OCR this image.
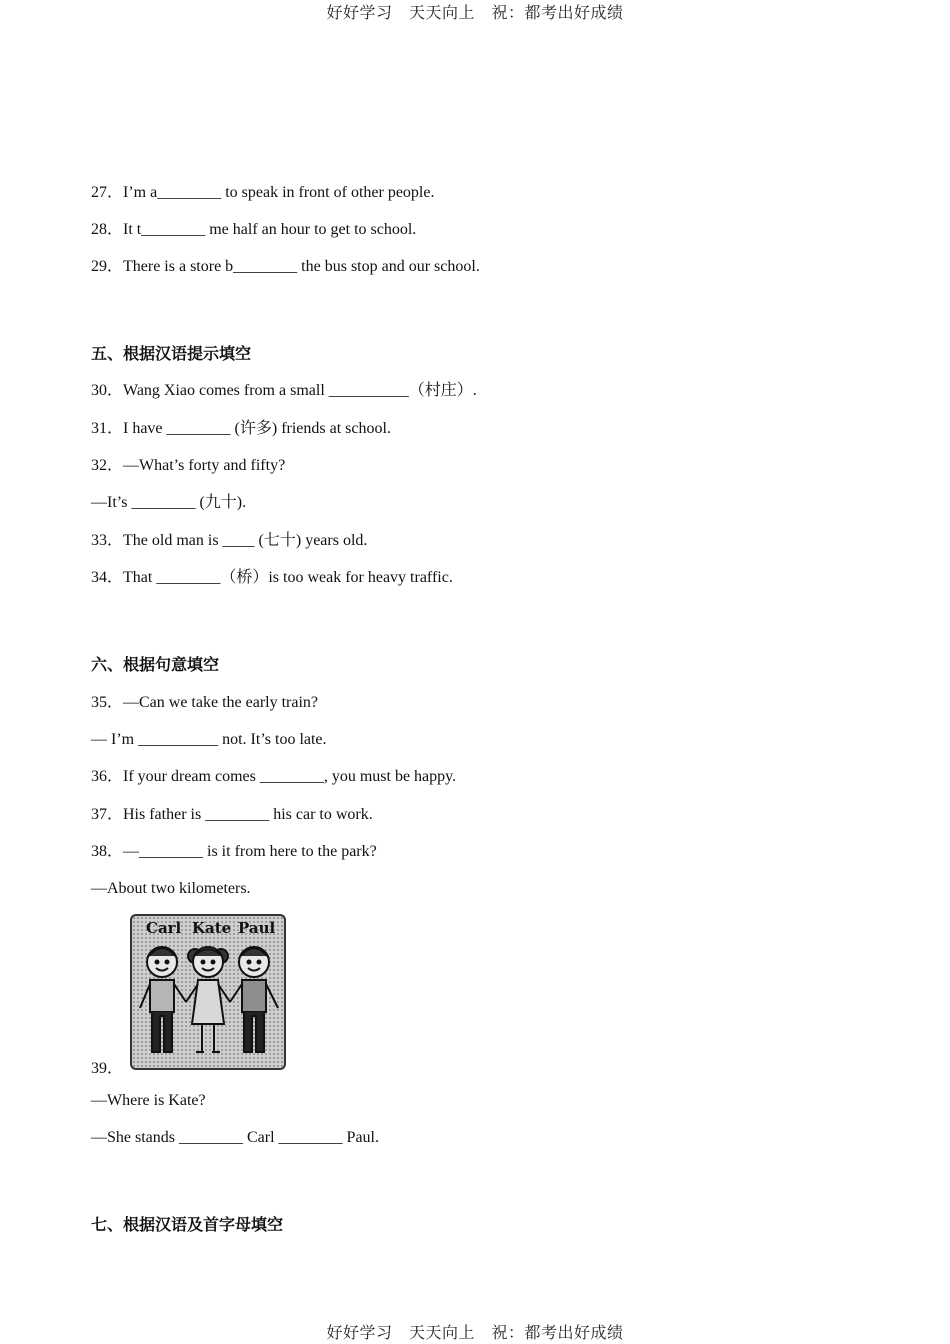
好好学习　天天向上　祝：都考出好成绩
27．I’m a________ to speak in front of other people.
28．It t________ me half an hour to get to school.
29．There is a store b________ the bus stop and our school.
五、根据汉语提示填空
30．Wang Xiao comes from a small __________（村庄）.
31．I have ________ (许多) friends at school.
32．—What’s forty and fifty?
—It’s ________ (九十).
33．The old man is ____ (七十) years old.
34．That ________（桥）is too weak for heavy traffic.
六、根据句意填空
35．—Can we take the early train?
— I’m __________ not. It’s too late.
36．If your dream comes ________, you must be happy.
37．His father is ________ his car to work.
38．—________ is it from here to the park?
—About two kilometers.
Carl Kate Paul
39．
—Where is Kate?
—She stands ________ Carl ________ Paul.
七、根据汉语及首字母填空
好好学习　天天向上　祝：都考出好成绩
